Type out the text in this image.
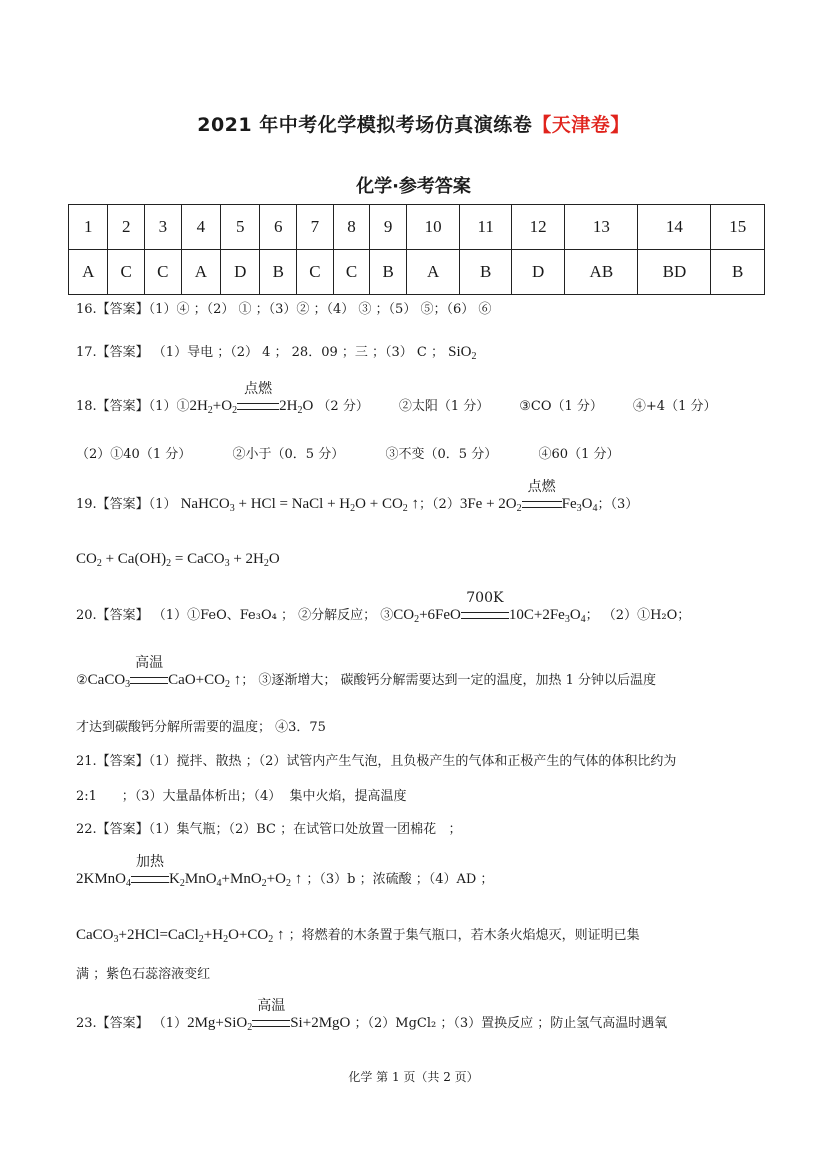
2021 年中考化学模拟考场仿真演练卷【天津卷】
化学·参考答案
1	2	3	4	5	6	7	8	9	10	11	12	13	14	15
A	C	C	A	D	B	C	C	B	A	B	D	AB	BD	B
16.【答案】（1）④ ；（2） ① ；（3）② ；（4） ③ ；（5） ⑤；（6） ⑥
17.【答案】 （1）导电 ；（2） 4 ； 28．09 ；三 ；（3） C ； SiO$_2$
18.【答案】$(1)①2H_2+O_2$
点燃
$2H_2O$ （2 分） ②太阳（1 分） ③CO（1 分） ④+4（1 分）
（2）①40（1 分）          ②小于（0．5 分）          ③不变（0．5 分）          ④60（1 分）
19.【答案】（1） NaHCO$_3$ + HCl = NaCl + $H_2O + CO_2$ ↑；$(2)3Fe + 2O_2$
点燃
$Fe_3O_4$；（3）
$CO_2 + Ca(OH)_2$ = CaCO$_3$ + $2H_2O$
20.【答案】 （1）①FeO、Fe₃O₄ ； ②分解反应； $③CO_2+6FeO$
700K
$10C+2Fe_3O_4$； （2）①H₂O；
②CaCO$_3$
高温
$CaO+CO_2$ ↑； ③逐渐增大； 碳酸钙分解需要达到一定的温度，加热 1 分钟以后温度
才达到碳酸钙分解所需要的温度； ④3．75
21.【答案】（1）搅拌、散热 ；（2）试管内产生气泡，且负极产生的气体和正极产生的气体的体积比约为
2:1      ；（3）大量晶体析出；（4）  集中火焰，提高温度
22.【答案】（1）集气瓶；（2）BC ；在试管口处放置一团棉花   ；
2KMnO$_4$
加热
$K_2MnO_4+MnO_2+O_2$ ↑ ；（3）b ；浓硫酸 ；（4）AD ；
$CaCO_3+2HCl=CaCl_2+H_2O+CO_2$ ↑ ；将燃着的木条置于集气瓶口，若木条火焰熄灭，则证明已集
满 ；紫色石蕊溶液变红
23.【答案】 （1）2Mg+SiO$_2$
高温
Si+2MgO ；（2）MgCl₂ ；（3）置换反应 ；防止氢气高温时遇氧
化学 第 1 页（共 2 页）
